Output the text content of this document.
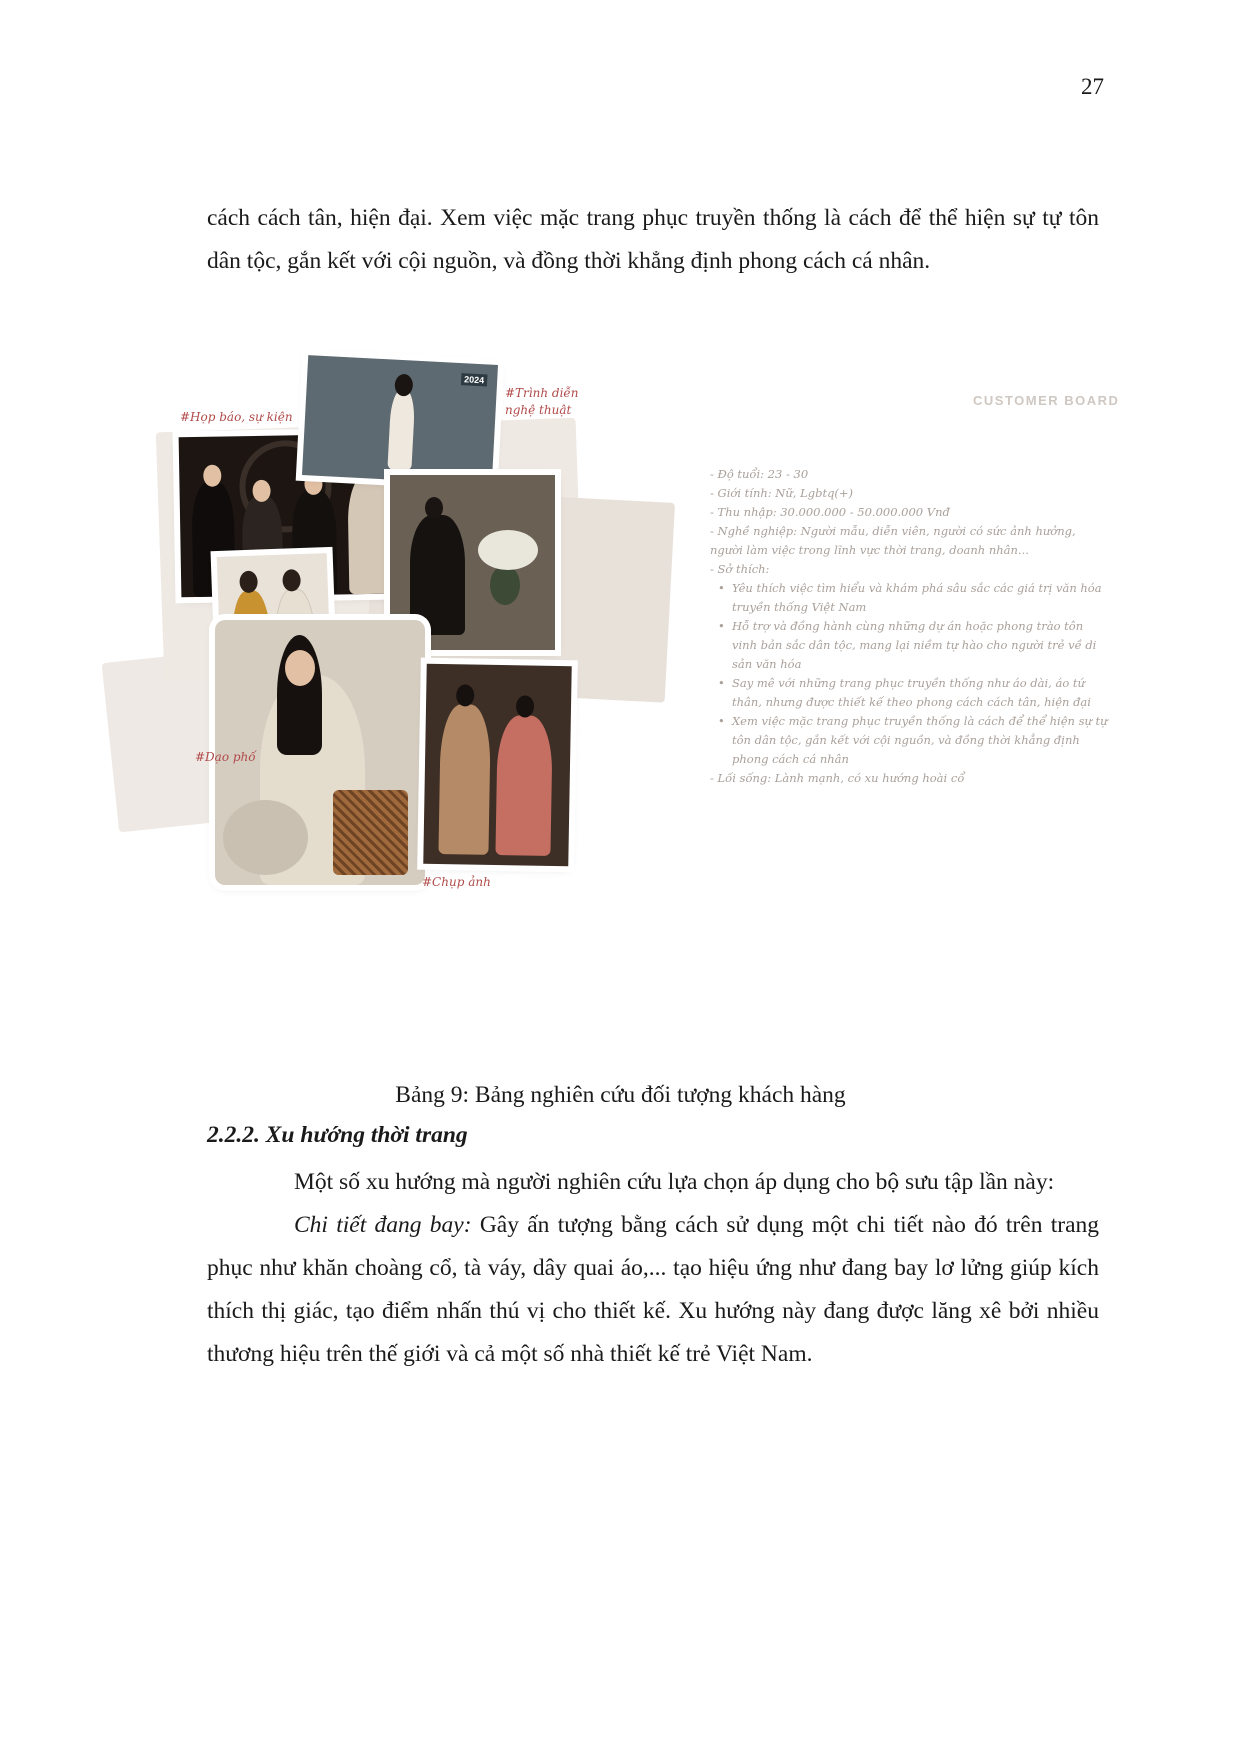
27

cách cách tân, hiện đại. Xem việc mặc trang phục truyền thống là cách để thể hiện sự tự tôn dân tộc, gắn kết với cội nguồn, và đồng thời khẳng định phong cách cá nhân.

CUSTOMER BOARD
2024
#Họp báo, sự kiện
#Trình diễn nghệ thuật
#Dạo phố
#Chụp ảnh
- Độ tuổi: 23 - 30
- Giới tính: Nữ, Lgbtq(+)
- Thu nhập: 30.000.000 - 50.000.000 Vnđ
- Nghề nghiệp: Người mẫu, diễn viên, người có sức ảnh hưởng, người làm việc trong lĩnh vực thời trang, doanh nhân...
- Sở thích:
• Yêu thích việc tìm hiểu và khám phá sâu sắc các giá trị văn hóa truyền thống Việt Nam
• Hỗ trợ và đồng hành cùng những dự án hoặc phong trào tôn vinh bản sắc dân tộc, mang lại niềm tự hào cho người trẻ về di sản văn hóa
• Say mê với những trang phục truyền thống như áo dài, áo tứ thân, nhưng được thiết kế theo phong cách cách tân, hiện đại
• Xem việc mặc trang phục truyền thống là cách để thể hiện sự tự tôn dân tộc, gắn kết với cội nguồn, và đồng thời khẳng định phong cách cá nhân
- Lối sống: Lành mạnh, có xu hướng hoài cổ
Bảng 9: Bảng nghiên cứu đối tượng khách hàng
2.2.2. Xu hướng thời trang

Một số xu hướng mà người nghiên cứu lựa chọn áp dụng cho bộ sưu tập lần này:

Chi tiết đang bay: Gây ấn tượng bằng cách sử dụng một chi tiết nào đó trên trang phục như khăn choàng cổ, tà váy, dây quai áo,... tạo hiệu ứng như đang bay lơ lửng giúp kích thích thị giác, tạo điểm nhấn thú vị cho thiết kế. Xu hướng này đang được lăng xê bởi nhiều thương hiệu trên thế giới và cả một số nhà thiết kế trẻ Việt Nam.
